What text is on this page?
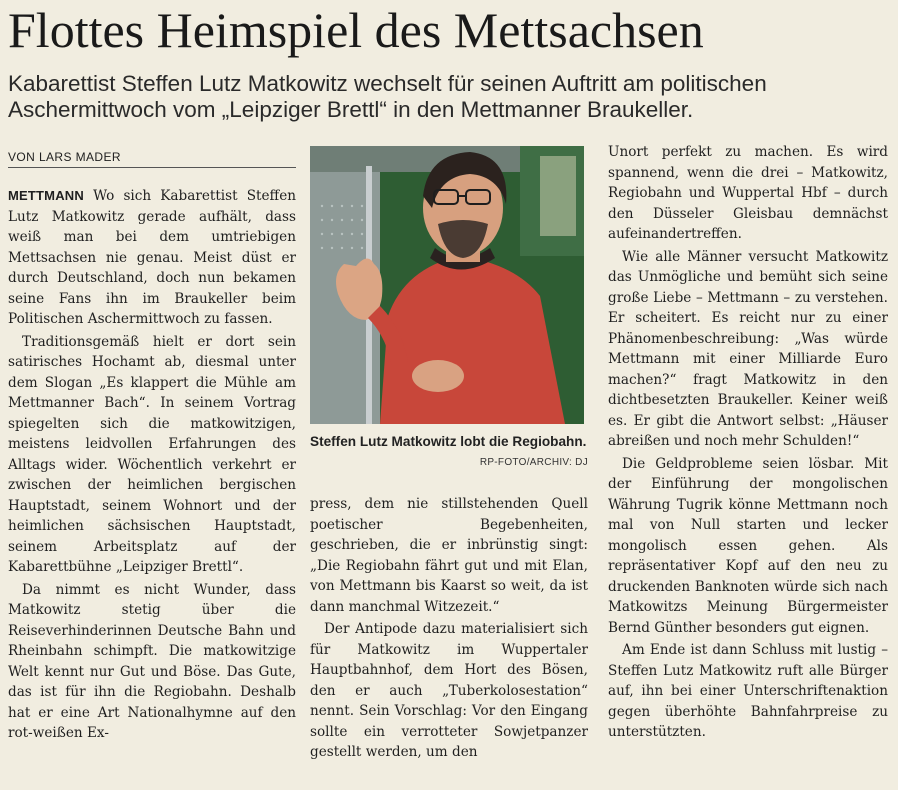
Flottes Heimspiel des Mettsachsen

Kabarettist Steffen Lutz Matkowitz wechselt für seinen Auftritt am politischen Aschermittwoch vom „Leipziger Brettl“ in den Mettmanner Braukeller.

VON LARS MADER

METTMANN Wo sich Kabarettist Steffen Lutz Matkowitz gerade aufhält, dass weiß man bei dem umtriebigen Mettsachsen nie genau. Meist düst er durch Deutschland, doch nun bekamen seine Fans ihn im Braukeller beim Politischen Aschermittwoch zu fassen.

Traditionsgemäß hielt er dort sein satirisches Hochamt ab, diesmal unter dem Slogan „Es klappert die Mühle am Mettmanner Bach“. In seinem Vortrag spiegelten sich die matkowitzigen, meistens leidvollen Erfahrungen des Alltags wider. Wöchentlich verkehrt er zwischen der heimlichen bergischen Hauptstadt, seinem Wohnort und der heimlichen sächsischen Hauptstadt, seinem Arbeitsplatz auf der Kabarettbühne „Leipziger Brettl“.

Da nimmt es nicht Wunder, dass Matkowitz stetig über die Reiseverhinderinnen Deutsche Bahn und Rheinbahn schimpft. Die matkowitzige Welt kennt nur Gut und Böse. Das Gute, das ist für ihn die Regiobahn. Deshalb hat er eine Art Nationalhymne auf den rot-weißen Ex-

Steffen Lutz Matkowitz lobt die Regiobahn.
RP-FOTO/ARCHIV: DJ

press, dem nie stillstehenden Quell poetischer Begebenheiten, geschrieben, die er inbrünstig singt: „Die Regiobahn fährt gut und mit Elan, von Mettmann bis Kaarst so weit, da ist dann manchmal Witzezeit.“

Der Antipode dazu materialisiert sich für Matkowitz im Wuppertaler Hauptbahnhof, dem Hort des Bösen, den er auch „Tuberkolosestation“ nennt. Sein Vorschlag: Vor den Eingang sollte ein verrotteter Sowjetpanzer gestellt werden, um den

Unort perfekt zu machen. Es wird spannend, wenn die drei – Matkowitz, Regiobahn und Wuppertal Hbf – durch den Düsseler Gleisbau demnächst aufeinandertreffen.

Wie alle Männer versucht Matkowitz das Unmögliche und bemüht sich seine große Liebe – Mettmann – zu verstehen. Er scheitert. Es reicht nur zu einer Phänomenbeschreibung: „Was würde Mettmann mit einer Milliarde Euro machen?“ fragt Matkowitz in den dichtbesetzten Braukeller. Keiner weiß es. Er gibt die Antwort selbst: „Häuser abreißen und noch mehr Schulden!“

Die Geldprobleme seien lösbar. Mit der Einführung der mongolischen Währung Tugrik könne Mettmann noch mal von Null starten und lecker mongolisch essen gehen. Als repräsentativer Kopf auf den neu zu druckenden Banknoten würde sich nach Matkowitzs Meinung Bürgermeister Bernd Günther besonders gut eignen.

Am Ende ist dann Schluss mit lustig – Steffen Lutz Matkowitz ruft alle Bürger auf, ihn bei einer Unterschriftenaktion gegen überhöhte Bahnfahrpreise zu unterstützten.
